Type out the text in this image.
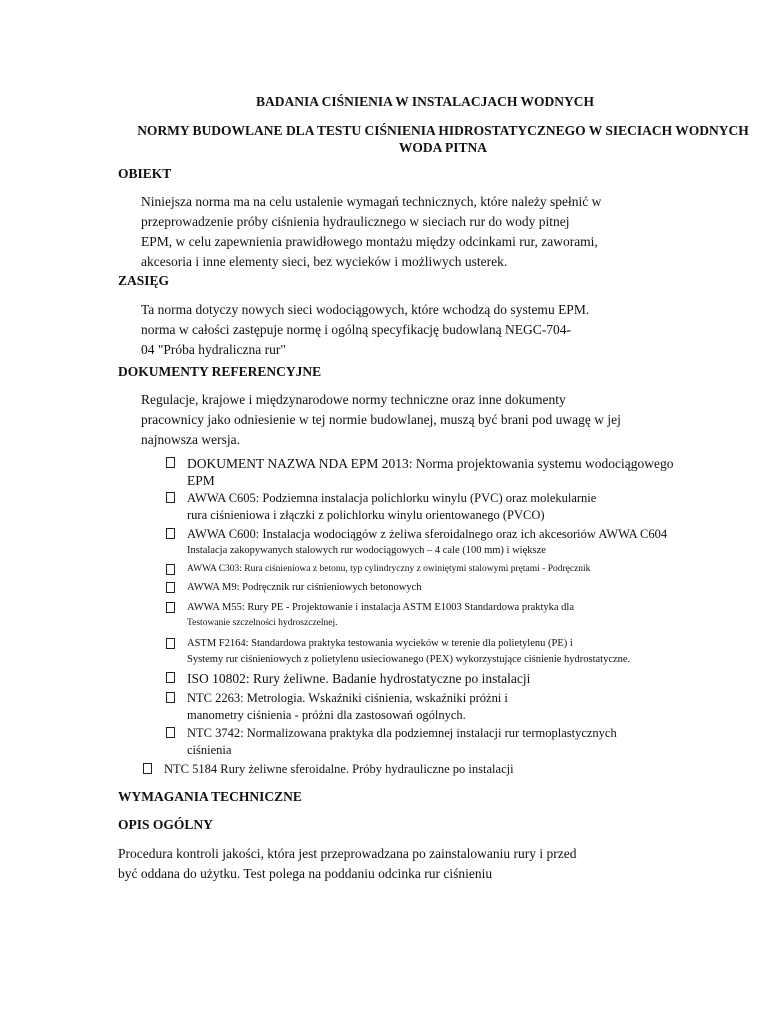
BADANIA CIŚNIENIA W INSTALACJACH WODNYCH
NORMY BUDOWLANE DLA TESTU CIŚNIENIA HIDROSTATYCZNEGO W SIECIACH WODNYCH
WODA PITNA
OBIEKT
Niniejsza norma ma na celu ustalenie wymagań technicznych, które należy spełnić w
przeprowadzenie próby ciśnienia hydraulicznego w sieciach rur do wody pitnej
EPM, w celu zapewnienia prawidłowego montażu między odcinkami rur, zaworami,
akcesoria i inne elementy sieci, bez wycieków i możliwych usterek.
ZASIĘG
Ta norma dotyczy nowych sieci wodociągowych, które wchodzą do systemu EPM.
norma w całości zastępuje normę i ogólną specyfikację budowlaną NEGC-704-
04 "Próba hydraliczna rur"
DOKUMENTY REFERENCYJNE
Regulacje, krajowe i międzynarodowe normy techniczne oraz inne dokumenty
pracownicy jako odniesienie w tej normie budowlanej, muszą być brani pod uwagę w jej
najnowsza wersja.
DOKUMENT NAZWA NDA EPM 2013: Norma projektowania systemu wodociągowego
EPM
AWWA C605: Podziemna instalacja polichlorku winylu (PVC) oraz molekularnie
rura ciśnieniowa i złączki z polichlorku winylu orientowanego (PVCO)
AWWA C600: Instalacja wodociągów z żeliwa sferoidalnego oraz ich akcesoriów AWWA C604
Instalacja zakopywanych stalowych rur wodociągowych – 4 cale (100 mm) i większe
AWWA C303: Rura ciśnieniowa z betonu, typ cylindryczny z owiniętymi stalowymi prętami - Podręcznik
AWWA M9: Podręcznik rur ciśnieniowych betonowych
AWWA M55: Rury PE - Projektowanie i instalacja ASTM E1003 Standardowa praktyka dla
Testowanie szczelności hydroszczelnej.
ASTM F2164: Standardowa praktyka testowania wycieków w terenie dla polietylenu (PE) i
Systemy rur ciśnieniowych z polietylenu usieciowanego (PEX) wykorzystujące ciśnienie hydrostatyczne.
ISO 10802: Rury żeliwne. Badanie hydrostatyczne po instalacji
NTC 2263: Metrologia. Wskaźniki ciśnienia, wskaźniki próżni i
manometry ciśnienia - próżni dla zastosowań ogólnych.
NTC 3742: Normalizowana praktyka dla podziemnej instalacji rur termoplastycznych
ciśnienia
NTC 5184 Rury żeliwne sferoidalne. Próby hydrauliczne po instalacji
WYMAGANIA TECHNICZNE
OPIS OGÓLNY
Procedura kontroli jakości, która jest przeprowadzana po zainstalowaniu rury i przed
być oddana do użytku. Test polega na poddaniu odcinka rur ciśnieniu
